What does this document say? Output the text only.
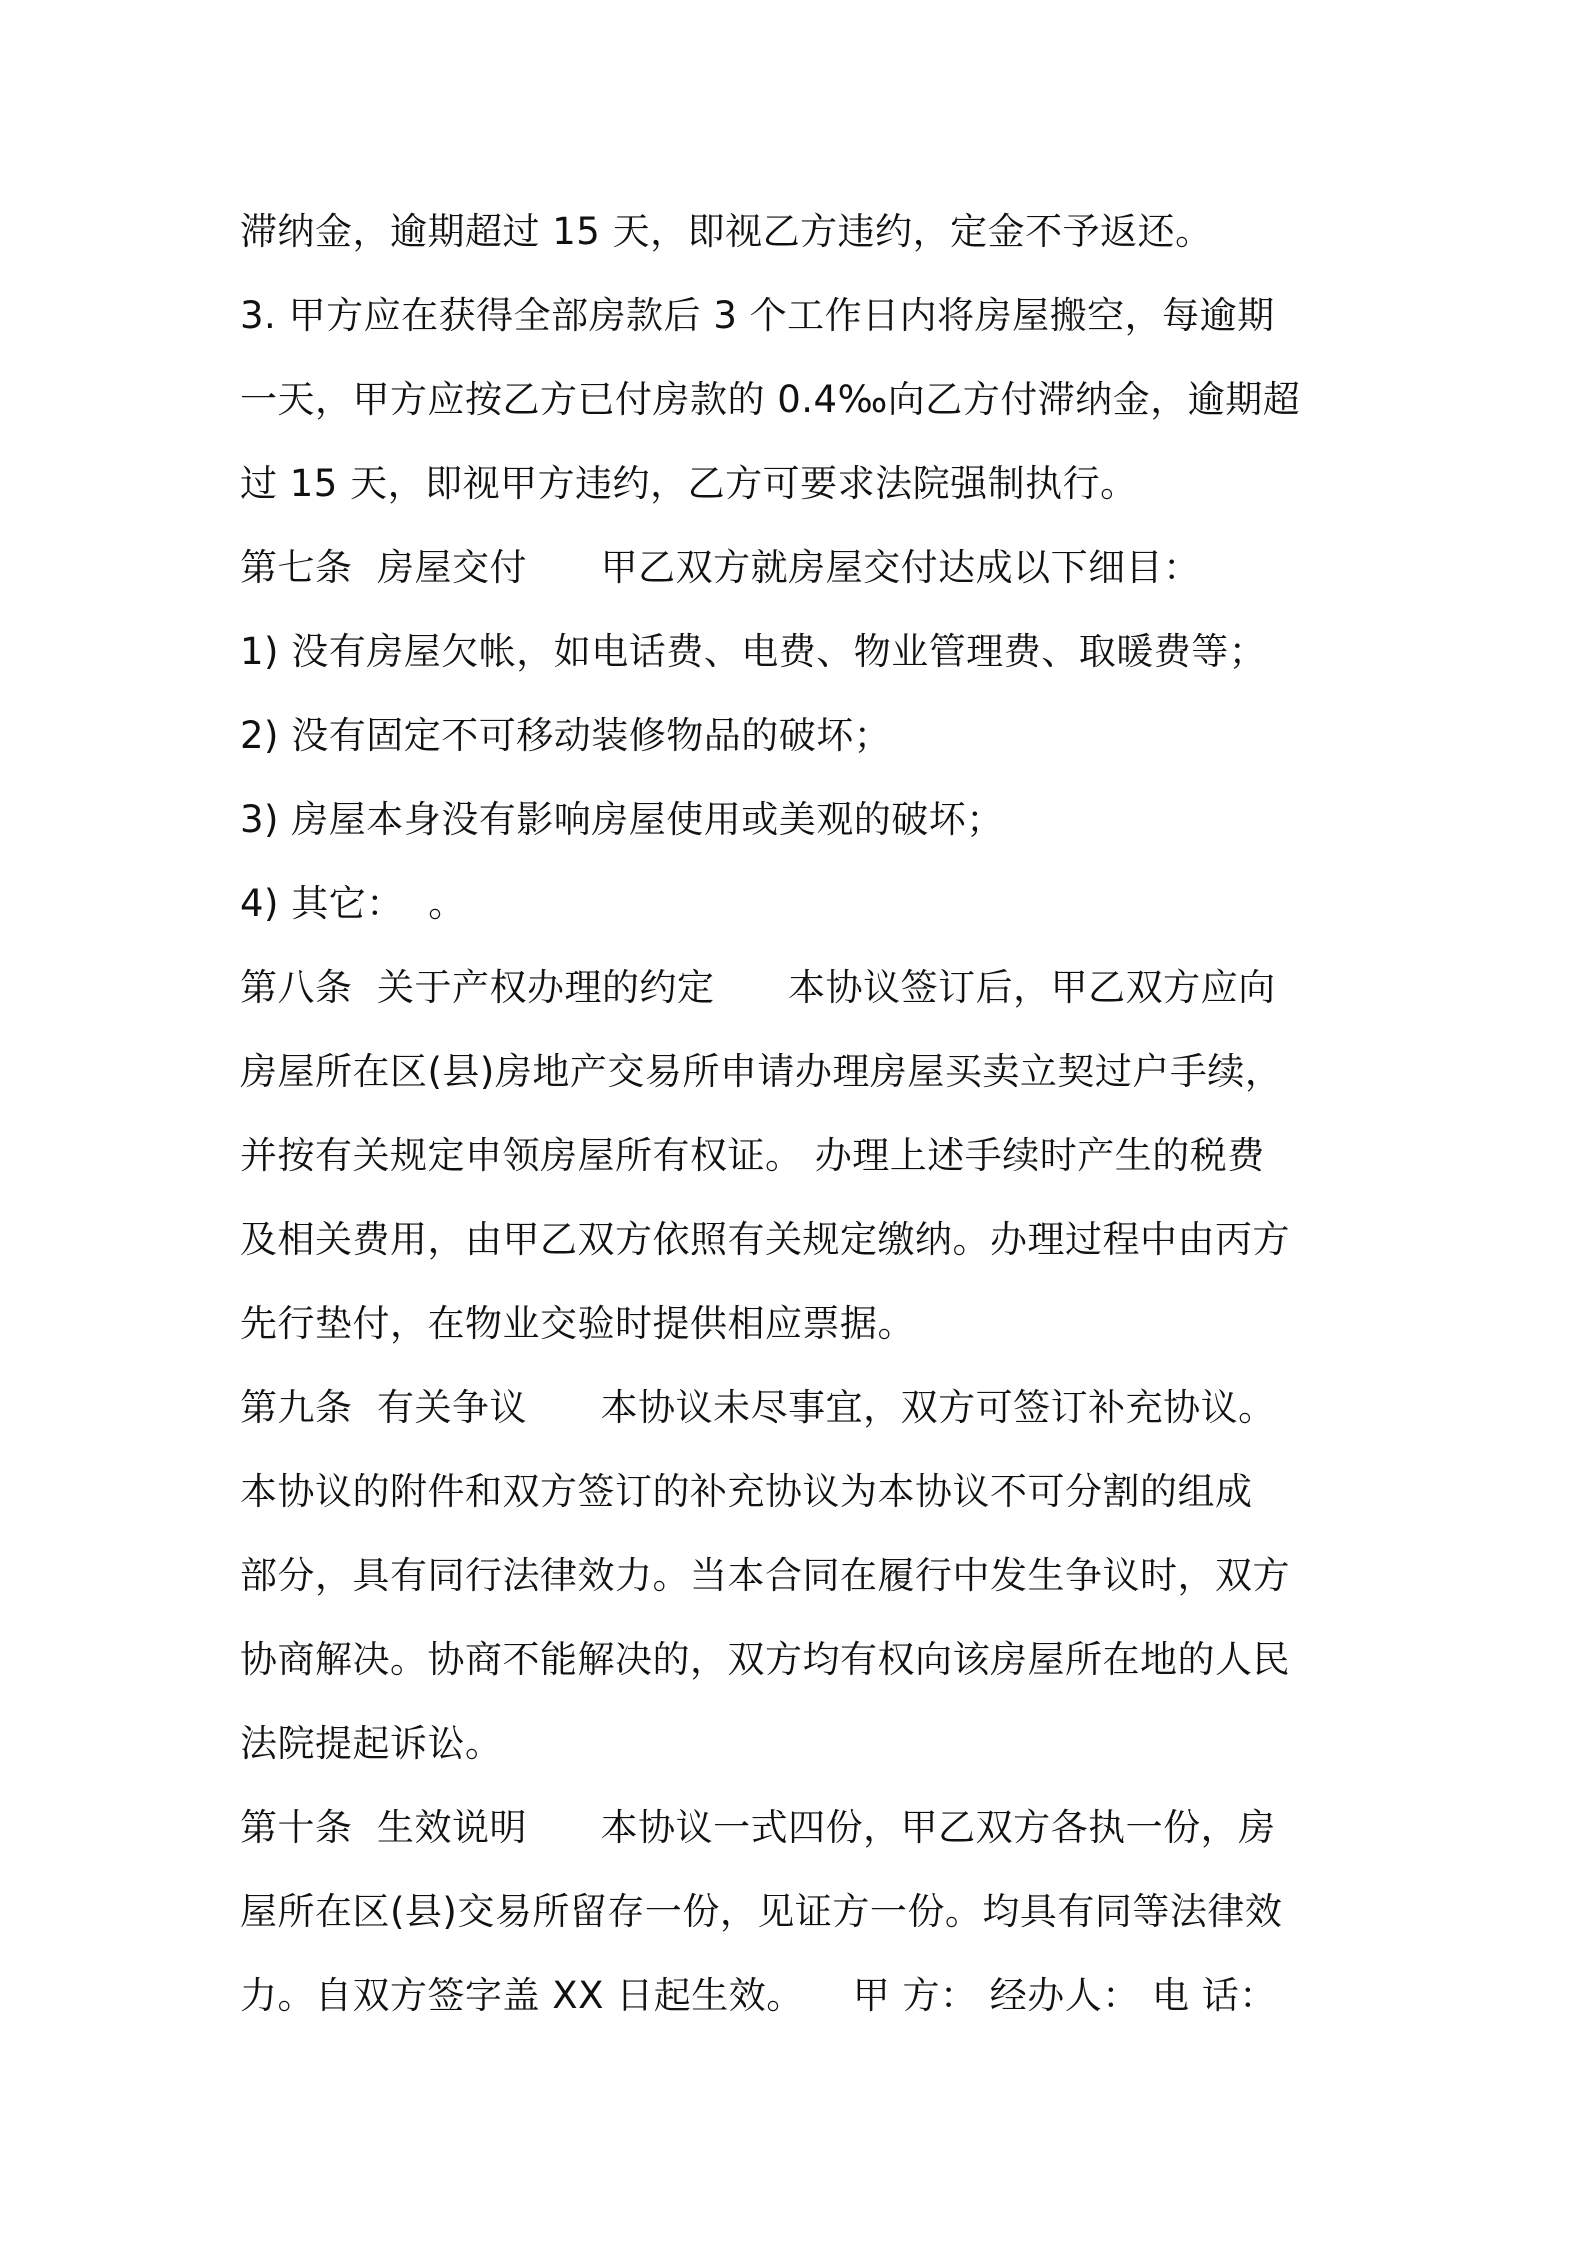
滞纳金，逾期超过 15 天，即视乙方违约，定金不予返还。
3. 甲方应在获得全部房款后 3 个工作日内将房屋搬空，每逾期
一天，甲方应按乙方已付房款的 0.4‰向乙方付滞纳金，逾期超
过 15 天，即视甲方违约，乙方可要求法院强制执行。
第七条  房屋交付      甲乙双方就房屋交付达成以下细目：
1) 没有房屋欠帐，如电话费、电费、物业管理费、取暖费等；
2) 没有固定不可移动装修物品的破坏；
3) 房屋本身没有影响房屋使用或美观的破坏；
4) 其它：  。
第八条  关于产权办理的约定      本协议签订后，甲乙双方应向
房屋所在区(县)房地产交易所申请办理房屋买卖立契过户手续，
并按有关规定申领房屋所有权证。 办理上述手续时产生的税费
及相关费用，由甲乙双方依照有关规定缴纳。办理过程中由丙方
先行垫付，在物业交验时提供相应票据。
第九条  有关争议      本协议未尽事宜，双方可签订补充协议。
本协议的附件和双方签订的补充协议为本协议不可分割的组成
部分，具有同行法律效力。当本合同在履行中发生争议时，双方
协商解决。协商不能解决的，双方均有权向该房屋所在地的人民
法院提起诉讼。
第十条  生效说明      本协议一式四份，甲乙双方各执一份，房
屋所在区(县)交易所留存一份，见证方一份。均具有同等法律效
力。自双方签字盖 XX 日起生效。    甲 方： 经办人： 电 话：
